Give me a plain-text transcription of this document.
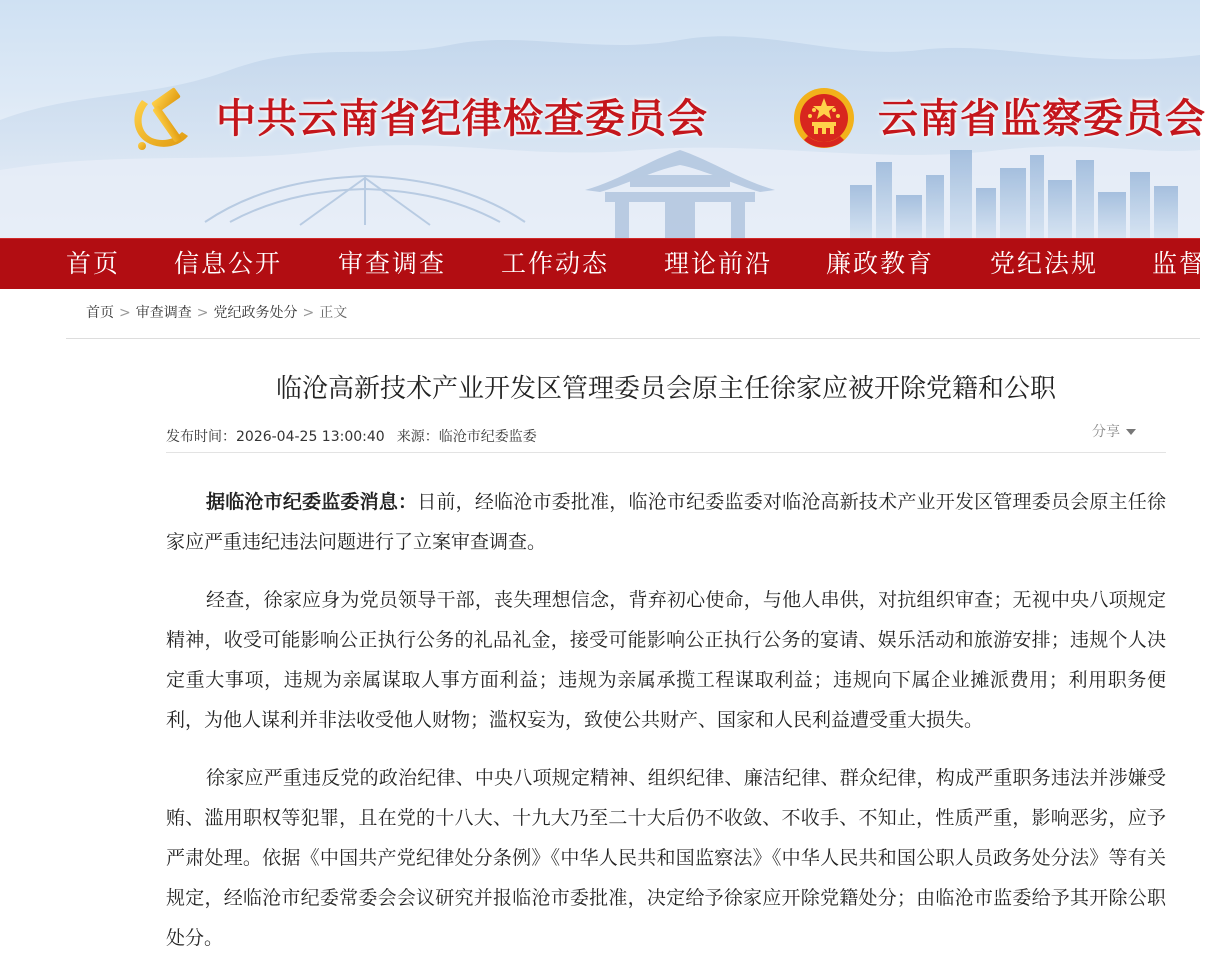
中共云南省纪律检查委员会	云南省监察委员会
首页 信息公开 审查调查 工作动态 理论前沿 廉政教育 党纪法规 监督
首页 > 审查调查 > 党纪政务处分 > 正文
临沧高新技术产业开发区管理委员会原主任徐家应被开除党籍和公职
发布时间：2026-04-25 13:00:40 来源：临沧市纪委监委	分享

据临沧市纪委监委消息：日前，经临沧市委批准，临沧市纪委监委对临沧高新技术产业开发区管理委员会原主任徐家应严重违纪违法问题进行了立案审查调查。

经查，徐家应身为党员领导干部，丧失理想信念，背弃初心使命，与他人串供，对抗组织审查；无视中央八项规定精神，收受可能影响公正执行公务的礼品礼金，接受可能影响公正执行公务的宴请、娱乐活动和旅游安排；违规个人决定重大事项，违规为亲属谋取人事方面利益；违规为亲属承揽工程谋取利益；违规向下属企业摊派费用；利用职务便利，为他人谋利并非法收受他人财物；滥权妄为，致使公共财产、国家和人民利益遭受重大损失。

徐家应严重违反党的政治纪律、中央八项规定精神、组织纪律、廉洁纪律、群众纪律，构成严重职务违法并涉嫌受贿、滥用职权等犯罪，且在党的十八大、十九大乃至二十大后仍不收敛、不收手、不知止，性质严重，影响恶劣，应予严肃处理。依据《中国共产党纪律处分条例》《中华人民共和国监察法》《中华人民共和国公职人员政务处分法》等有关规定，经临沧市纪委常委会会议研究并报临沧市委批准，决定给予徐家应开除党籍处分；由临沧市监委给予其开除公职处分。
